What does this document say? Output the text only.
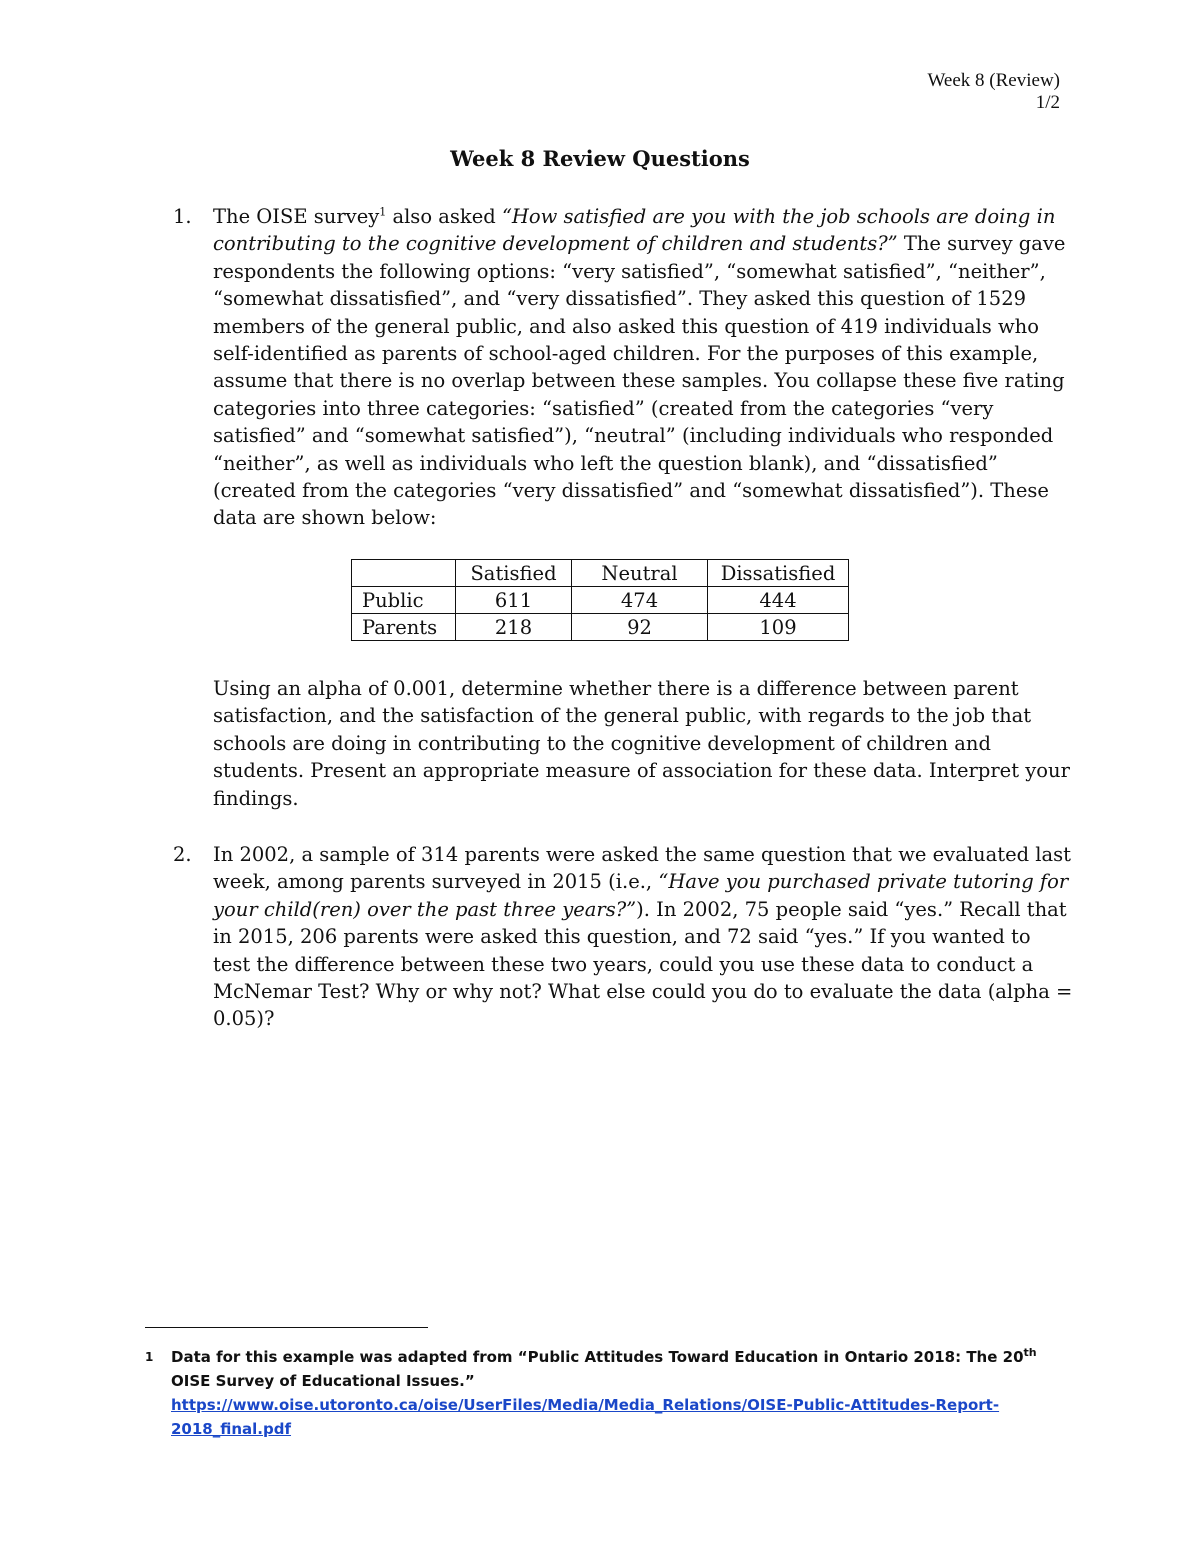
Week 8 (Review)
1/2
Week 8 Review Questions
1. The OISE survey$^1$ also asked “How satisfied are you with the job schools are doing in contributing to the cognitive development of children and students?” The survey gave respondents the following options: “very satisfied”, “somewhat satisfied”, “neither”, “somewhat dissatisfied”, and “very dissatisfied”. They asked this question of 1529 members of the general public, and also asked this question of 419 individuals who self-identified as parents of school-aged children. For the purposes of this example, assume that there is no overlap between these samples. You collapse these five rating categories into three categories: “satisfied” (created from the categories “very satisfied” and “somewhat satisfied”), “neutral” (including individuals who responded “neither”, as well as individuals who left the question blank), and “dissatisfied” (created from the categories “very dissatisfied” and “somewhat dissatisfied”). These data are shown below:
	Satisfied	Neutral	Dissatisfied
Public	611	474	444
Parents	218	92	109
Using an alpha of 0.001, determine whether there is a difference between parent satisfaction, and the satisfaction of the general public, with regards to the job that schools are doing in contributing to the cognitive development of children and students. Present an appropriate measure of association for these data. Interpret your findings.
2. In 2002, a sample of 314 parents were asked the same question that we evaluated last week, among parents surveyed in 2015 (i.e., “Have you purchased private tutoring for your child(ren) over the past three years?”). In 2002, 75 people said “yes.” Recall that in 2015, 206 parents were asked this question, and 72 said “yes.” If you wanted to test the difference between these two years, could you use these data to conduct a McNemar Test? Why or why not? What else could you do to evaluate the data (alpha = 0.05)?
1	Data for this example was adapted from “Public Attitudes Toward Education in Ontario 2018: The 20th OISE Survey of Educational Issues.” https://www.oise.utoronto.ca/oise/UserFiles/Media/Media_Relations/OISE-Public-Attitudes-Report-2018_final.pdf
